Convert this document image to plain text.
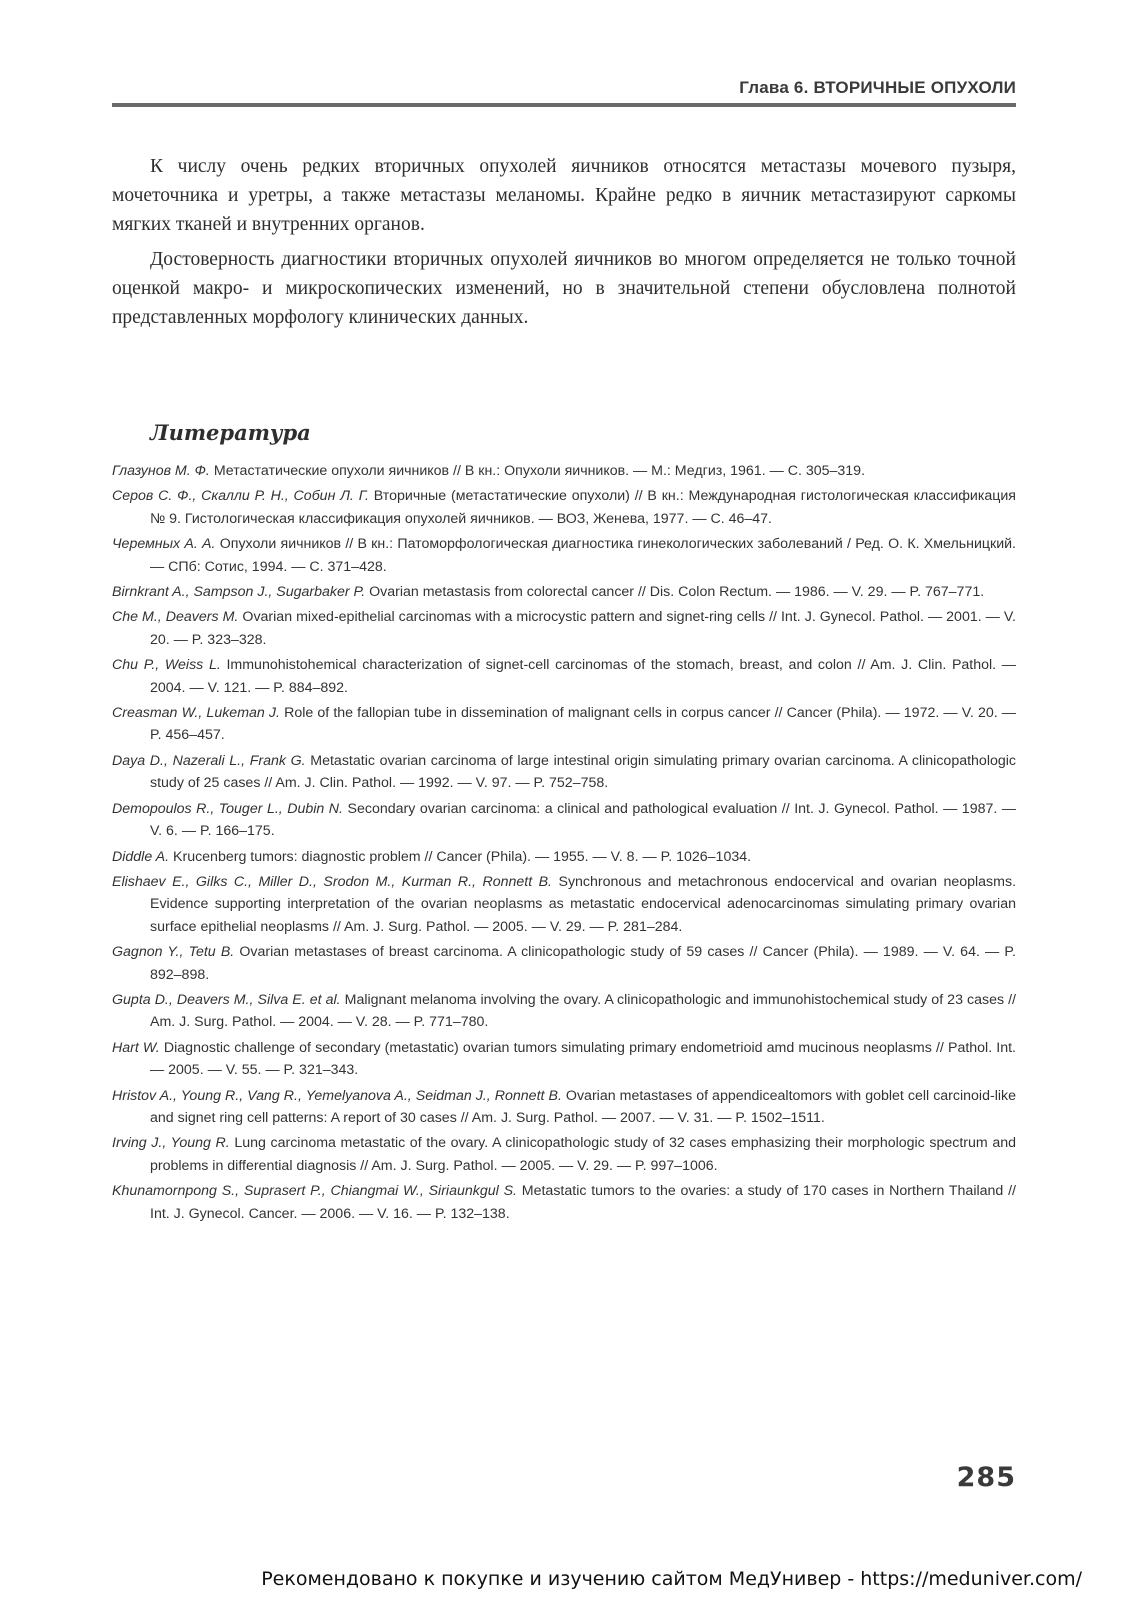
Глава 6. ВТОРИЧНЫЕ ОПУХОЛИ

К числу очень редких вторичных опухолей яичников относятся метастазы мочевого пузыря, мочеточника и уретры, а также метастазы меланомы. Крайне редко в яичник метастазируют саркомы мягких тканей и внутренних органов.

Достоверность диагностики вторичных опухолей яичников во многом определяется не только точной оценкой макро- и микроскопических изменений, но в значительной степени обусловлена полнотой представленных морфологу клинических данных.

Литература
Глазунов М. Ф. Метастатические опухоли яичников // В кн.: Опухоли яичников. — М.: Медгиз, 1961. — С. 305–319.
Серов С. Ф., Скалли Р. Н., Собин Л. Г. Вторичные (метастатические опухоли) // В кн.: Международная гистологическая классификация № 9. Гистологическая классификация опухолей яичников. — ВОЗ, Женева, 1977. — С. 46–47.
Черемных А. А. Опухоли яичников // В кн.: Патоморфологическая диагностика гинекологических заболеваний / Ред. О. К. Хмельницкий. — СПб: Сотис, 1994. — С. 371–428.
Birnkrant A., Sampson J., Sugarbaker P. Ovarian metastasis from colorectal cancer // Dis. Colon Rectum. — 1986. — V. 29. — P. 767–771.
Che M., Deavers M. Ovarian mixed-epithelial carcinomas with a microcystic pattern and signet-ring cells // Int. J. Gynecol. Pathol. — 2001. — V. 20. — P. 323–328.
Chu P., Weiss L. Immunohistohemical characterization of signet-cell carcinomas of the stomach, breast, and colon // Am. J. Clin. Pathol. — 2004. — V. 121. — P. 884–892.
Creasman W., Lukeman J. Role of the fallopian tube in dissemination of malignant cells in corpus cancer // Cancer (Phila). — 1972. — V. 20. — P. 456–457.
Daya D., Nazerali L., Frank G. Metastatic ovarian carcinoma of large intestinal origin simulating primary ovarian carcinoma. A clinicopathologic study of 25 cases // Am. J. Clin. Pathol. — 1992. — V. 97. — P. 752–758.
Demopoulos R., Touger L., Dubin N. Secondary ovarian carcinoma: a clinical and pathological evaluation // Int. J. Gynecol. Pathol. — 1987. — V. 6. — P. 166–175.
Diddle A. Krucenberg tumors: diagnostic problem // Cancer (Phila). — 1955. — V. 8. — P. 1026–1034.
Elishaev E., Gilks C., Miller D., Srodon M., Kurman R., Ronnett B. Synchronous and metachronous endocervical and ovarian neoplasms. Evidence supporting interpretation of the ovarian neoplasms as metastatic endocervical adenocarcinomas simulating primary ovarian surface epithelial neoplasms // Am. J. Surg. Pathol. — 2005. — V. 29. — P. 281–284.
Gagnon Y., Tetu B. Ovarian metastases of breast carcinoma. A clinicopathologic study of 59 cases // Cancer (Phila). — 1989. — V. 64. — P. 892–898.
Gupta D., Deavers M., Silva E. et al. Malignant melanoma involving the ovary. A clinicopathologic and immunohistochemical study of 23 cases // Am. J. Surg. Pathol. — 2004. — V. 28. — P. 771–780.
Hart W. Diagnostic challenge of secondary (metastatic) ovarian tumors simulating primary endometrioid amd mucinous neoplasms // Pathol. Int. — 2005. — V. 55. — P. 321–343.
Hristov A., Young R., Vang R., Yemelyanova A., Seidman J., Ronnett B. Ovarian metastases of appendicealtomors with goblet cell carcinoid-like and signet ring cell patterns: A report of 30 cases // Am. J. Surg. Pathol. — 2007. — V. 31. — P. 1502–1511.
Irving J., Young R. Lung carcinoma metastatic of the ovary. A clinicopathologic study of 32 cases emphasizing their morphologic spectrum and problems in differential diagnosis // Am. J. Surg. Pathol. — 2005. — V. 29. — P. 997–1006.
Khunamornpong S., Suprasert P., Chiangmai W., Siriaunkgul S. Metastatic tumors to the ovaries: a study of 170 cases in Northern Thailand // Int. J. Gynecol. Cancer. — 2006. — V. 16. — P. 132–138.
285
Рекомендовано к покупке и изучению сайтом МедУнивер - https://meduniver.com/
